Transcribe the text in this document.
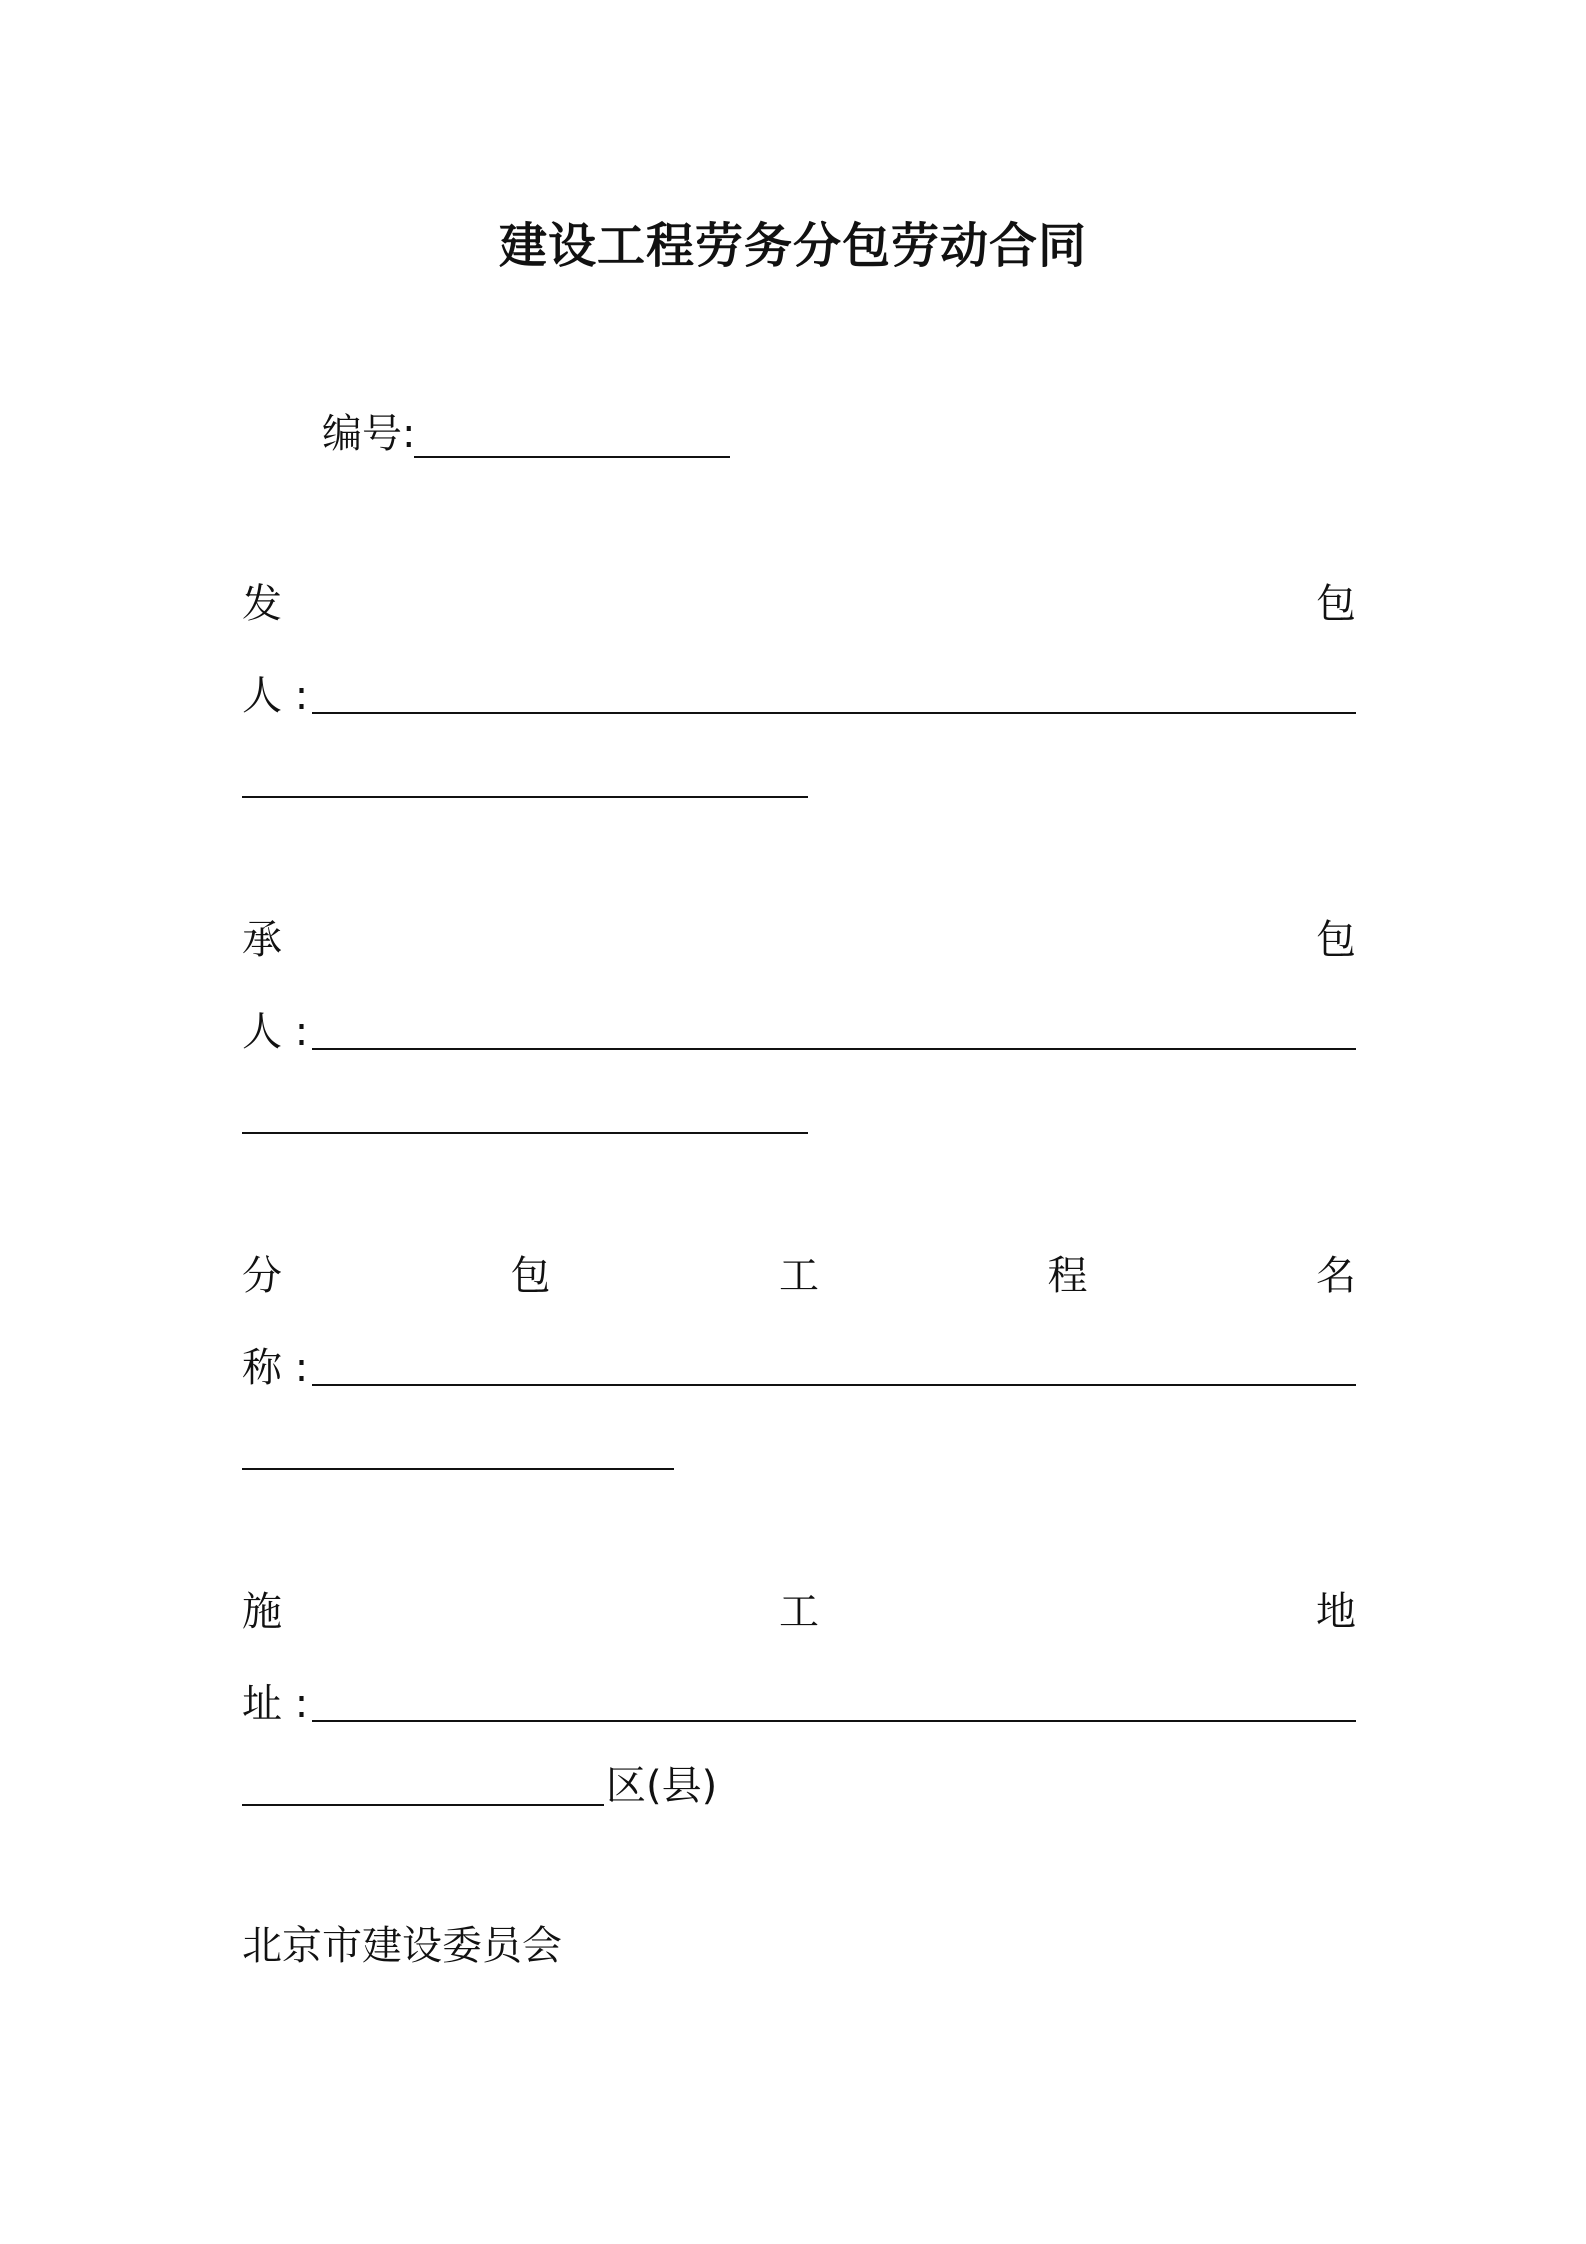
建设工程劳务分包劳动合同
编号:
发	包
人 :
承	包
人 :
分	包	工	程	名
称 :
施	工	地
址 :
区(县)
北京市建设委员会
